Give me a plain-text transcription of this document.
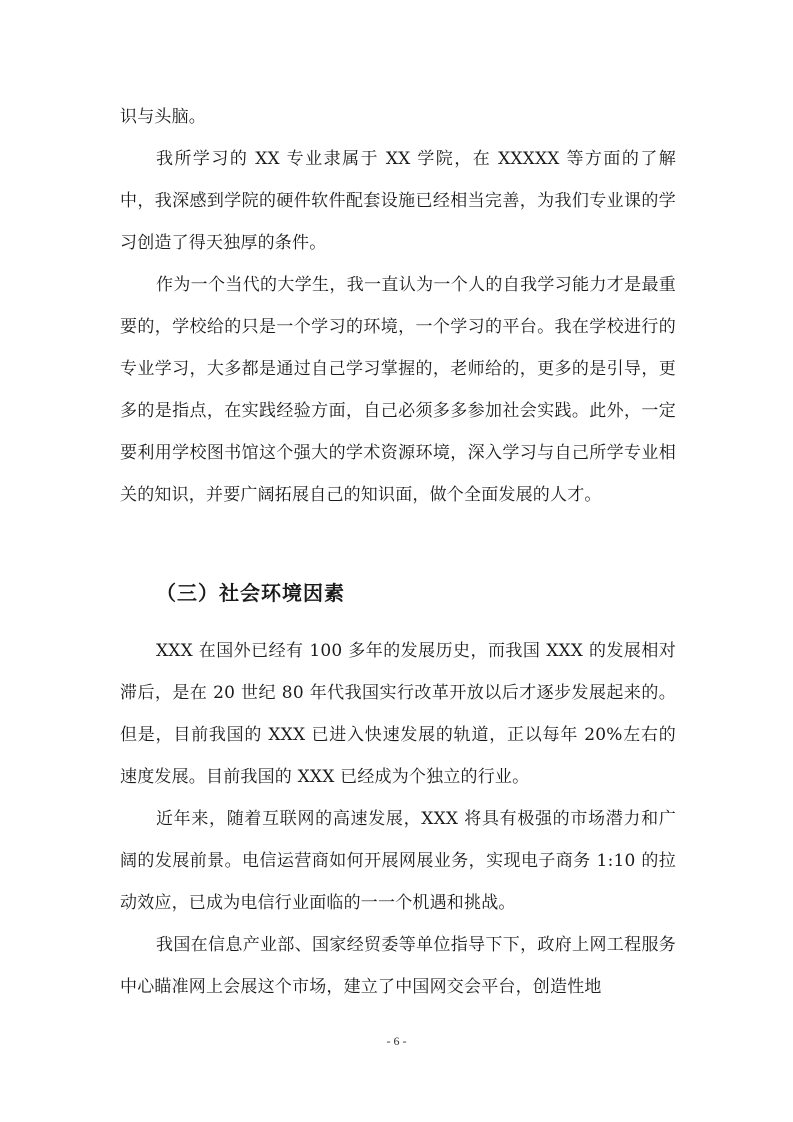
识与头脑。

我所学习的 XX 专业隶属于 XX 学院，在 XXXXX 等方面的了解中，我深感到学院的硬件软件配套设施已经相当完善，为我们专业课的学习创造了得天独厚的条件。

作为一个当代的大学生，我一直认为一个人的自我学习能力才是最重要的，学校给的只是一个学习的环境，一个学习的平台。我在学校进行的专业学习，大多都是通过自己学习掌握的，老师给的，更多的是引导，更多的是指点，在实践经验方面，自己必须多多参加社会实践。此外，一定要利用学校图书馆这个强大的学术资源环境，深入学习与自己所学专业相关的知识，并要广阔拓展自己的知识面，做个全面发展的人才。

（三）社会环境因素

XXX 在国外已经有 100 多年的发展历史，而我国 XXX 的发展相对滞后，是在 20 世纪 80 年代我国实行改革开放以后才逐步发展起来的。但是，目前我国的 XXX 已进入快速发展的轨道，正以每年 20%左右的速度发展。目前我国的 XXX 已经成为个独立的行业。

近年来，随着互联网的高速发展，XXX 将具有极强的市场潜力和广阔的发展前景。电信运营商如何开展网展业务，实现电子商务 1:10 的拉动效应，已成为电信行业面临的一一个机遇和挑战。

我国在信息产业部、国家经贸委等单位指导下下，政府上网工程服务中心瞄准网上会展这个市场，建立了中国网交会平台，创造性地

- 6 -
